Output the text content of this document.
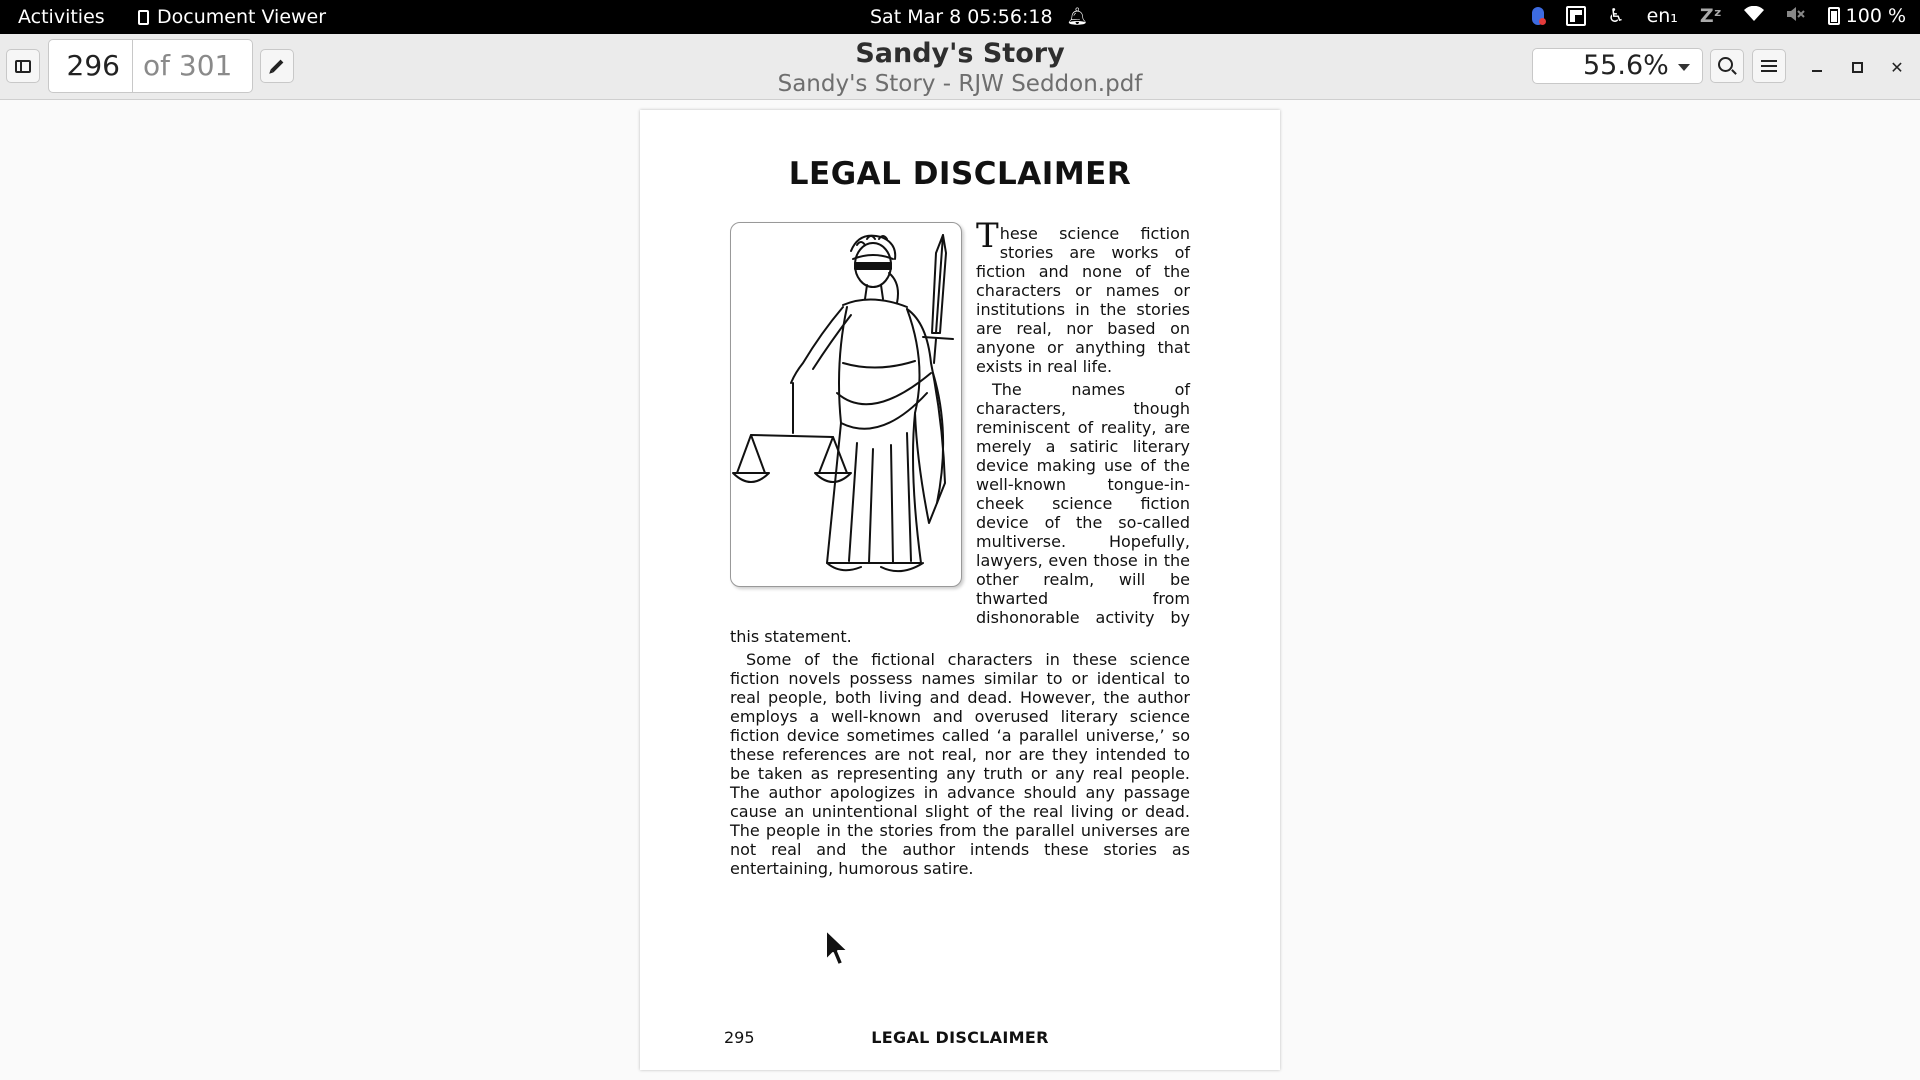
Activities	Document Viewer	Sat Mar 8 05:56:18 🔔︎	♿︎ en₁ Zᶻ	100 %
296 of 301	Sandy's Story
Sandy's Story - RJW Seddon.pdf
55.6%	✕
LEGAL DISCLAIMER

These science fiction stories are works of fiction and none of the characters or names or institutions in the stories are real, nor based on anyone or anything that exists in real life.

The names of characters, though reminiscent of reality, are merely a satiric literary device making use of the well-known tongue-in-cheek science fiction device of the so-called multiverse. Hopefully, lawyers, even those in the other realm, will be thwarted from dishonorable activity by this statement.

Some of the fictional characters in these science fiction novels possess names similar to or identical to real people, both living and dead. However, the author employs a well-known and overused literary science fiction device sometimes called ‘a parallel universe,’ so these references are not real, nor are they intended to be taken as representing any truth or any real people. The author apologizes in advance should any passage cause an unintentional slight of the real living or dead. The people in the stories from the parallel universes are not real and the author intends these stories as entertaining, humorous satire.

295	LEGAL DISCLAIMER
